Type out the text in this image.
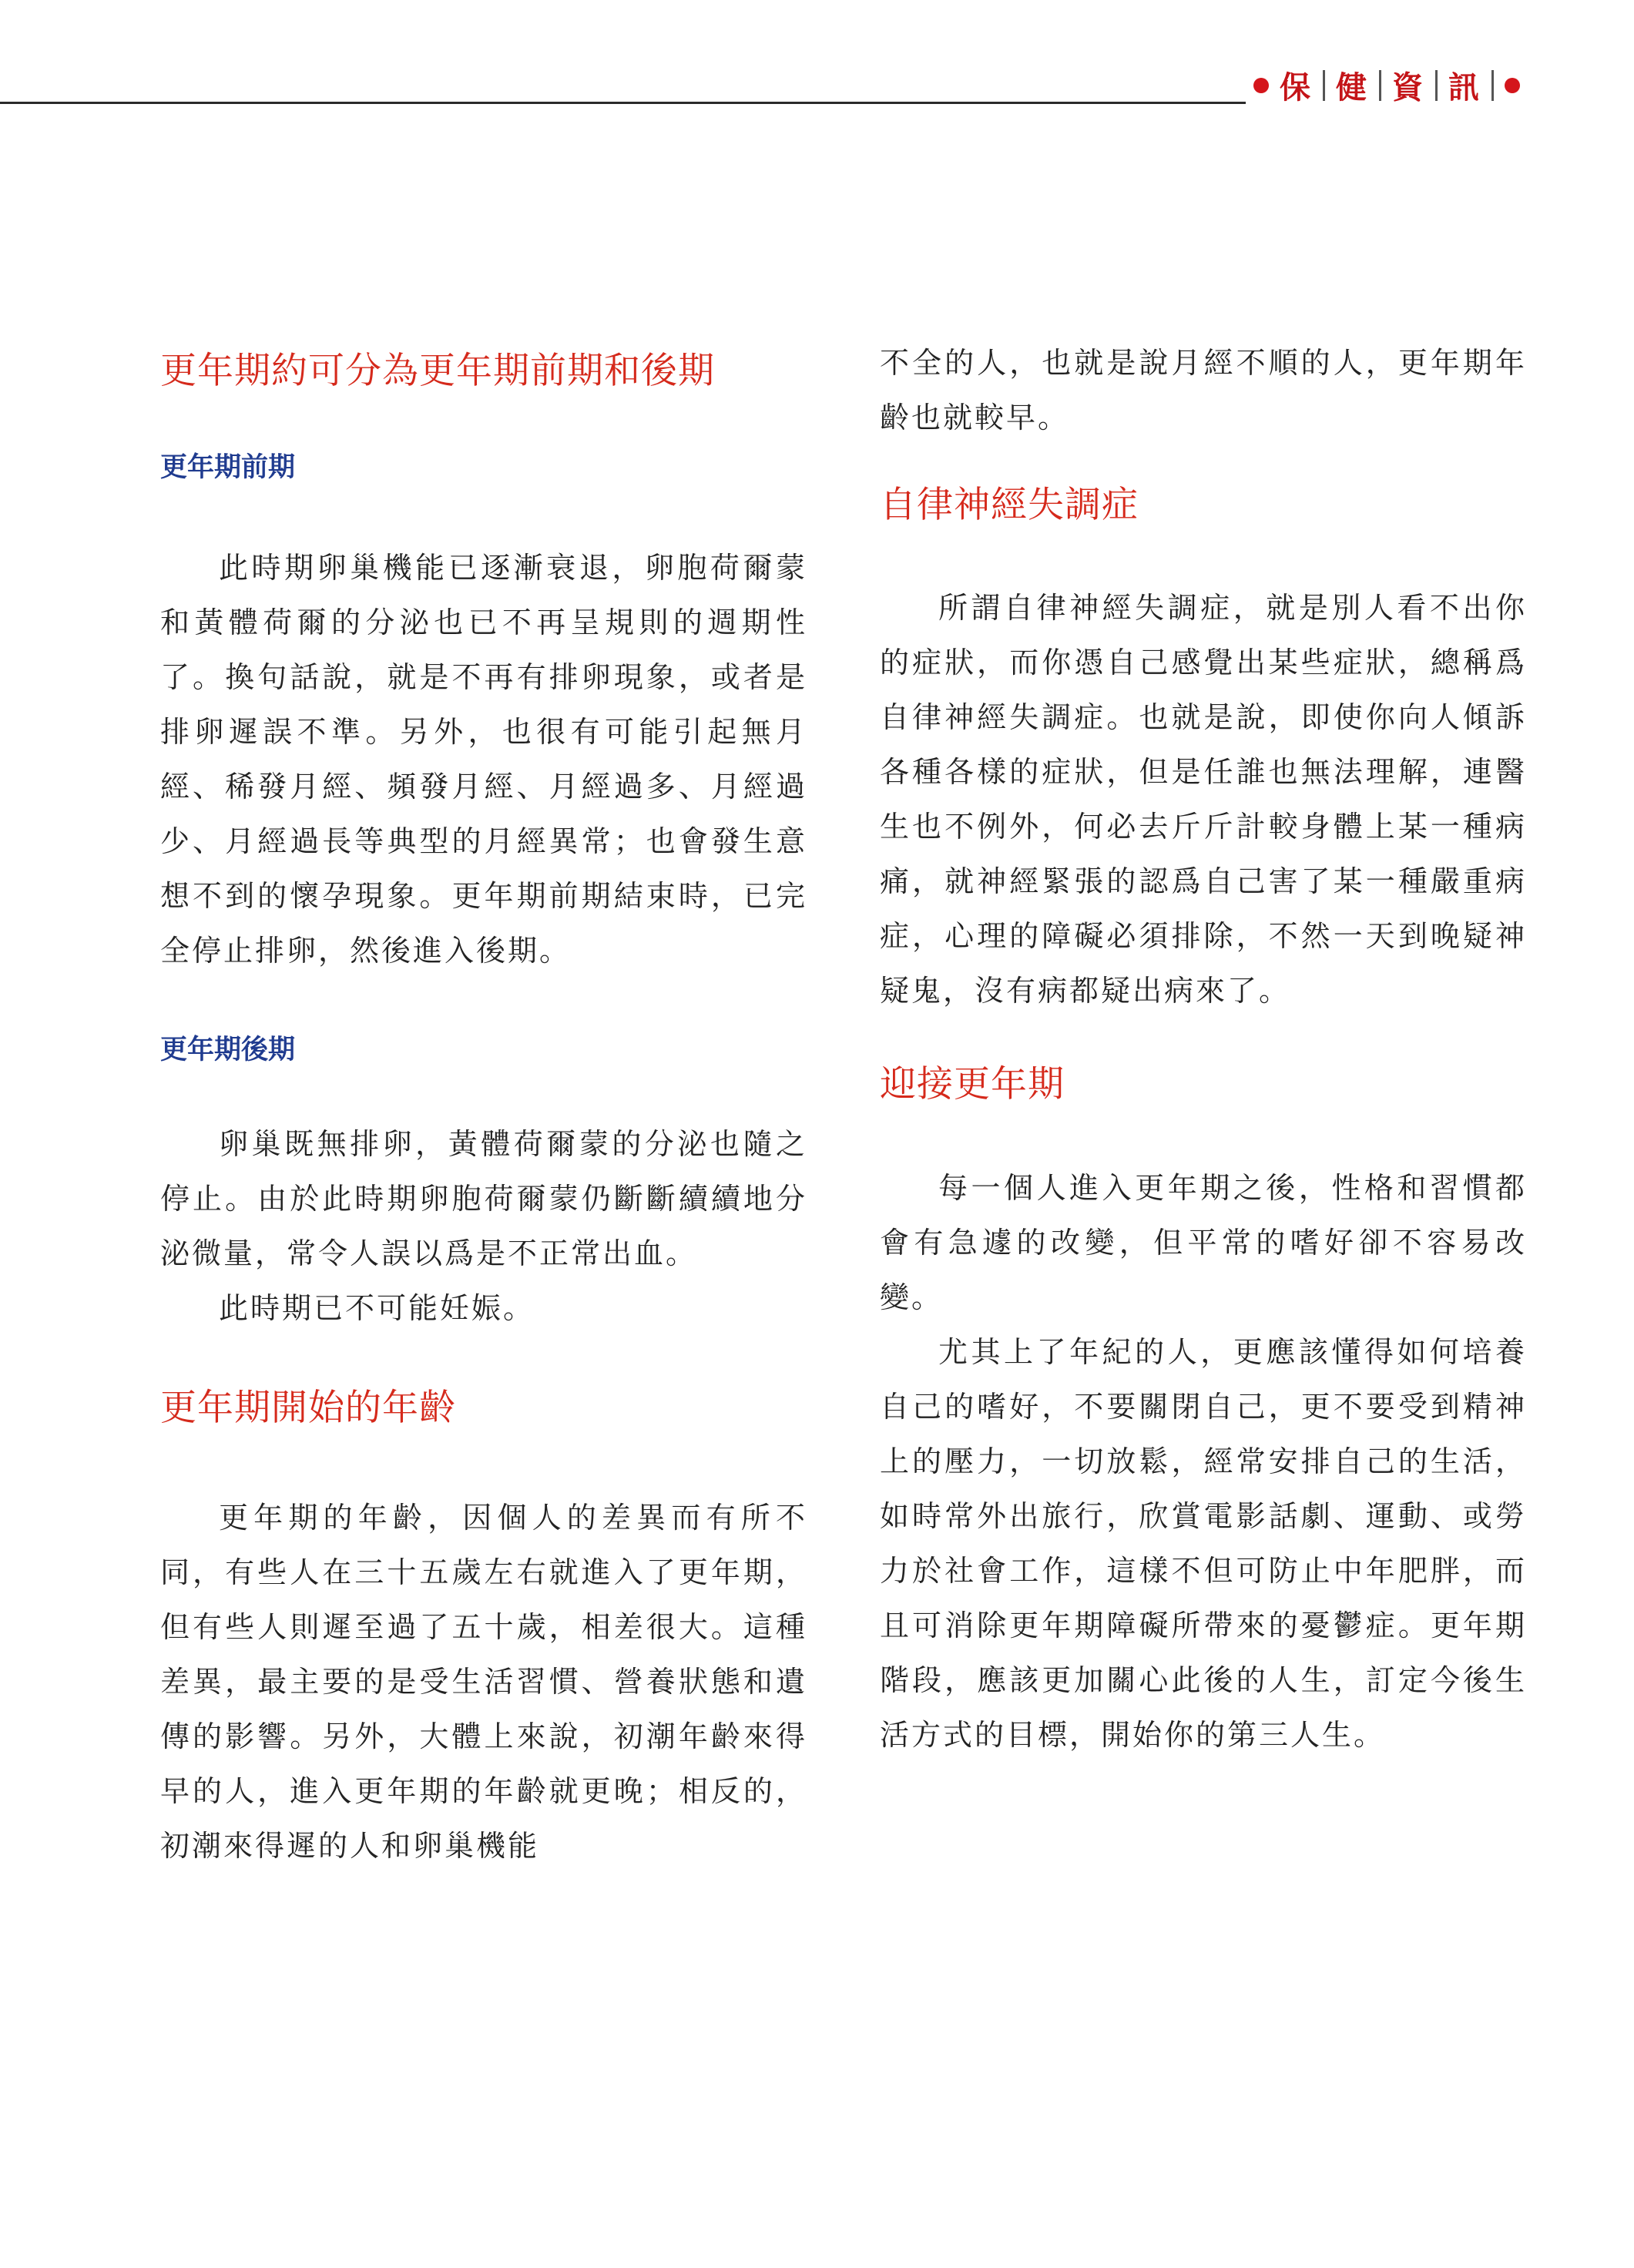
保 健 資 訊
更年期約可分為更年期前期和後期
更年期前期

此時期卵巢機能已逐漸衰退，卵胞荷爾蒙和黃體荷爾的分泌也已不再呈規則的週期性了。換句話說，就是不再有排卵現象，或者是排卵遲誤不準。另外，也很有可能引起無月經、稀發月經、頻發月經、月經過多、月經過少、月經過長等典型的月經異常；也會發生意想不到的懷孕現象。更年期前期結束時，已完全停止排卵，然後進入後期。

更年期後期

卵巢既無排卵，黃體荷爾蒙的分泌也隨之停止。由於此時期卵胞荷爾蒙仍斷斷續續地分泌微量，常令人誤以爲是不正常出血。

此時期已不可能妊娠。

更年期開始的年齡

更年期的年齡，因個人的差異而有所不同，有些人在三十五歲左右就進入了更年期，但有些人則遲至過了五十歲，相差很大。這種差異，最主要的是受生活習慣、營養狀態和遺傳的影響。另外，大體上來說，初潮年齡來得早的人，進入更年期的年齡就更晚；相反的，初潮來得遲的人和卵巢機能

不全的人，也就是說月經不順的人，更年期年齡也就較早。

自律神經失調症

所謂自律神經失調症，就是別人看不出你的症狀，而你憑自己感覺出某些症狀，總稱爲自律神經失調症。也就是說，即使你向人傾訴各種各樣的症狀，但是任誰也無法理解，連醫生也不例外，何必去斤斤計較身體上某一種病痛，就神經緊張的認爲自己害了某一種嚴重病症，心理的障礙必須排除，不然一天到晚疑神疑鬼，沒有病都疑出病來了。

迎接更年期

每一個人進入更年期之後，性格和習慣都會有急遽的改變，但平常的嗜好卻不容易改變。

尤其上了年紀的人，更應該懂得如何培養自己的嗜好，不要關閉自己，更不要受到精神上的壓力，一切放鬆，經常安排自己的生活，如時常外出旅行，欣賞電影話劇、運動、或勞力於社會工作，這樣不但可防止中年肥胖，而且可消除更年期障礙所帶來的憂鬱症。更年期階段，應該更加關心此後的人生，訂定今後生活方式的目標，開始你的第三人生。
